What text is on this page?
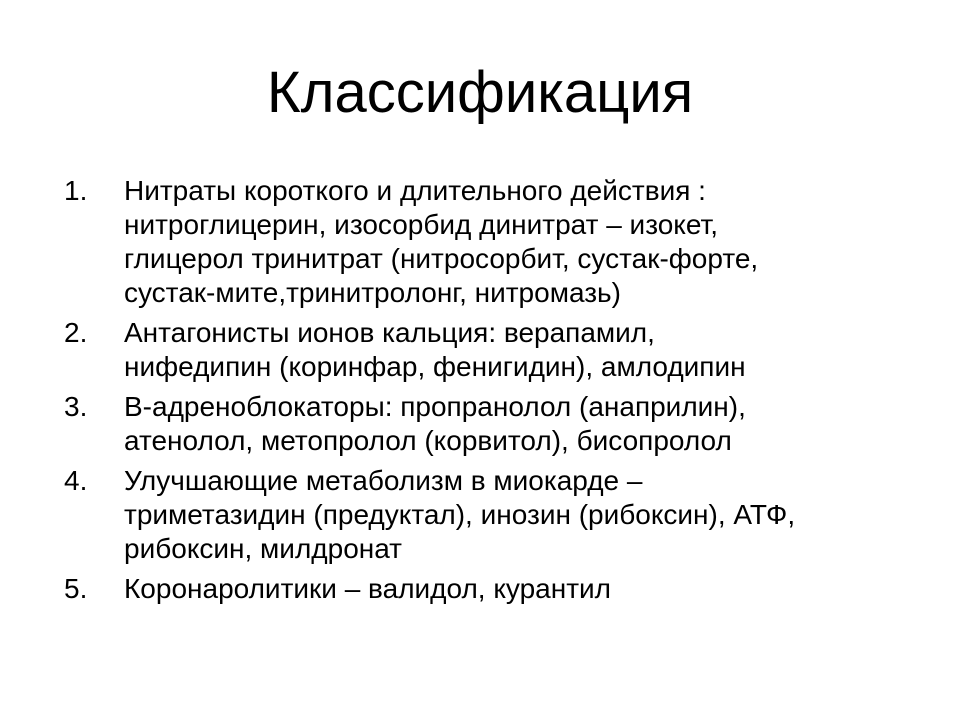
Классификация
1.	Нитраты короткого и длительного действия :
нитроглицерин, изосорбид динитрат – изокет,
глицерол тринитрат (нитросорбит, сустак-форте,
сустак-мите,тринитролонг, нитромазь)
2.	Антагонисты ионов кальция: верапамил,
нифедипин (коринфар, фенигидин), амлодипин
3.	В-адреноблокаторы: пропранолол (анаприлин),
атенолол, метопролол (корвитол), бисопролол
4.	Улучшающие метаболизм в миокарде –
триметазидин (предуктал), инозин (рибоксин), АТФ,
рибоксин, милдронат
5.	Коронаролитики – валидол, курантил
